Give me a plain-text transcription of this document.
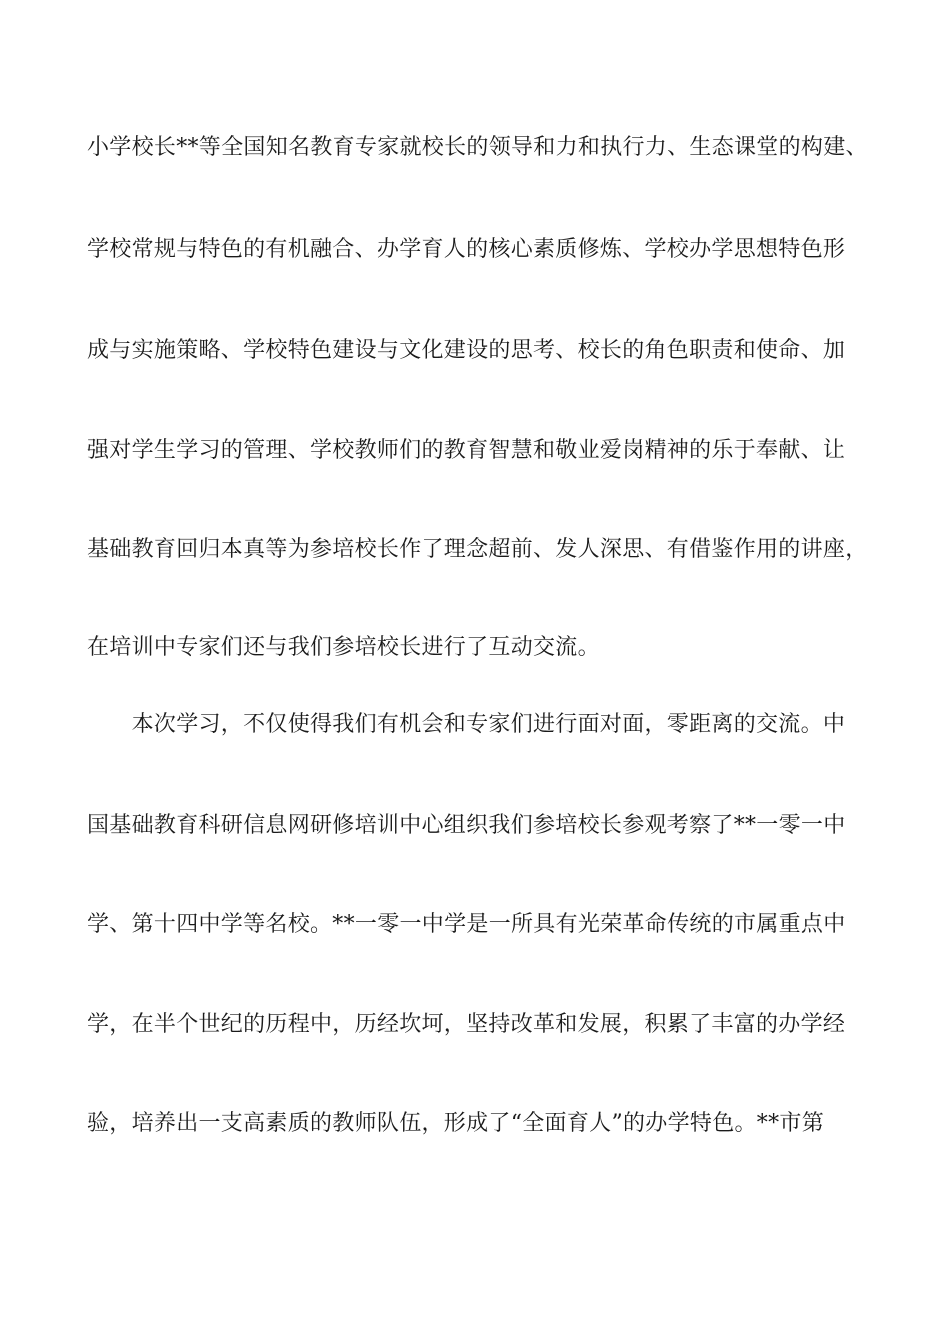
小学校长**等全国知名教育专家就校长的领导和力和执行力、生态课堂的构建、
学校常规与特色的有机融合、办学育人的核心素质修炼、学校办学思想特色形
成与实施策略、学校特色建设与文化建设的思考、校长的角色职责和使命、加
强对学生学习的管理、学校教师们的教育智慧和敬业爱岗精神的乐于奉献、让
基础教育回归本真等为参培校长作了理念超前、发人深思、有借鉴作用的讲座，
在培训中专家们还与我们参培校长进行了互动交流。
　　本次学习，不仅使得我们有机会和专家们进行面对面，零距离的交流。中
国基础教育科研信息网研修培训中心组织我们参培校长参观考察了**一零一中
学、第十四中学等名校。**一零一中学是一所具有光荣革命传统的市属重点中
学，在半个世纪的历程中，历经坎坷，坚持改革和发展，积累了丰富的办学经
验，培养出一支高素质的教师队伍，形成了“全面育人”的办学特色。**市第
